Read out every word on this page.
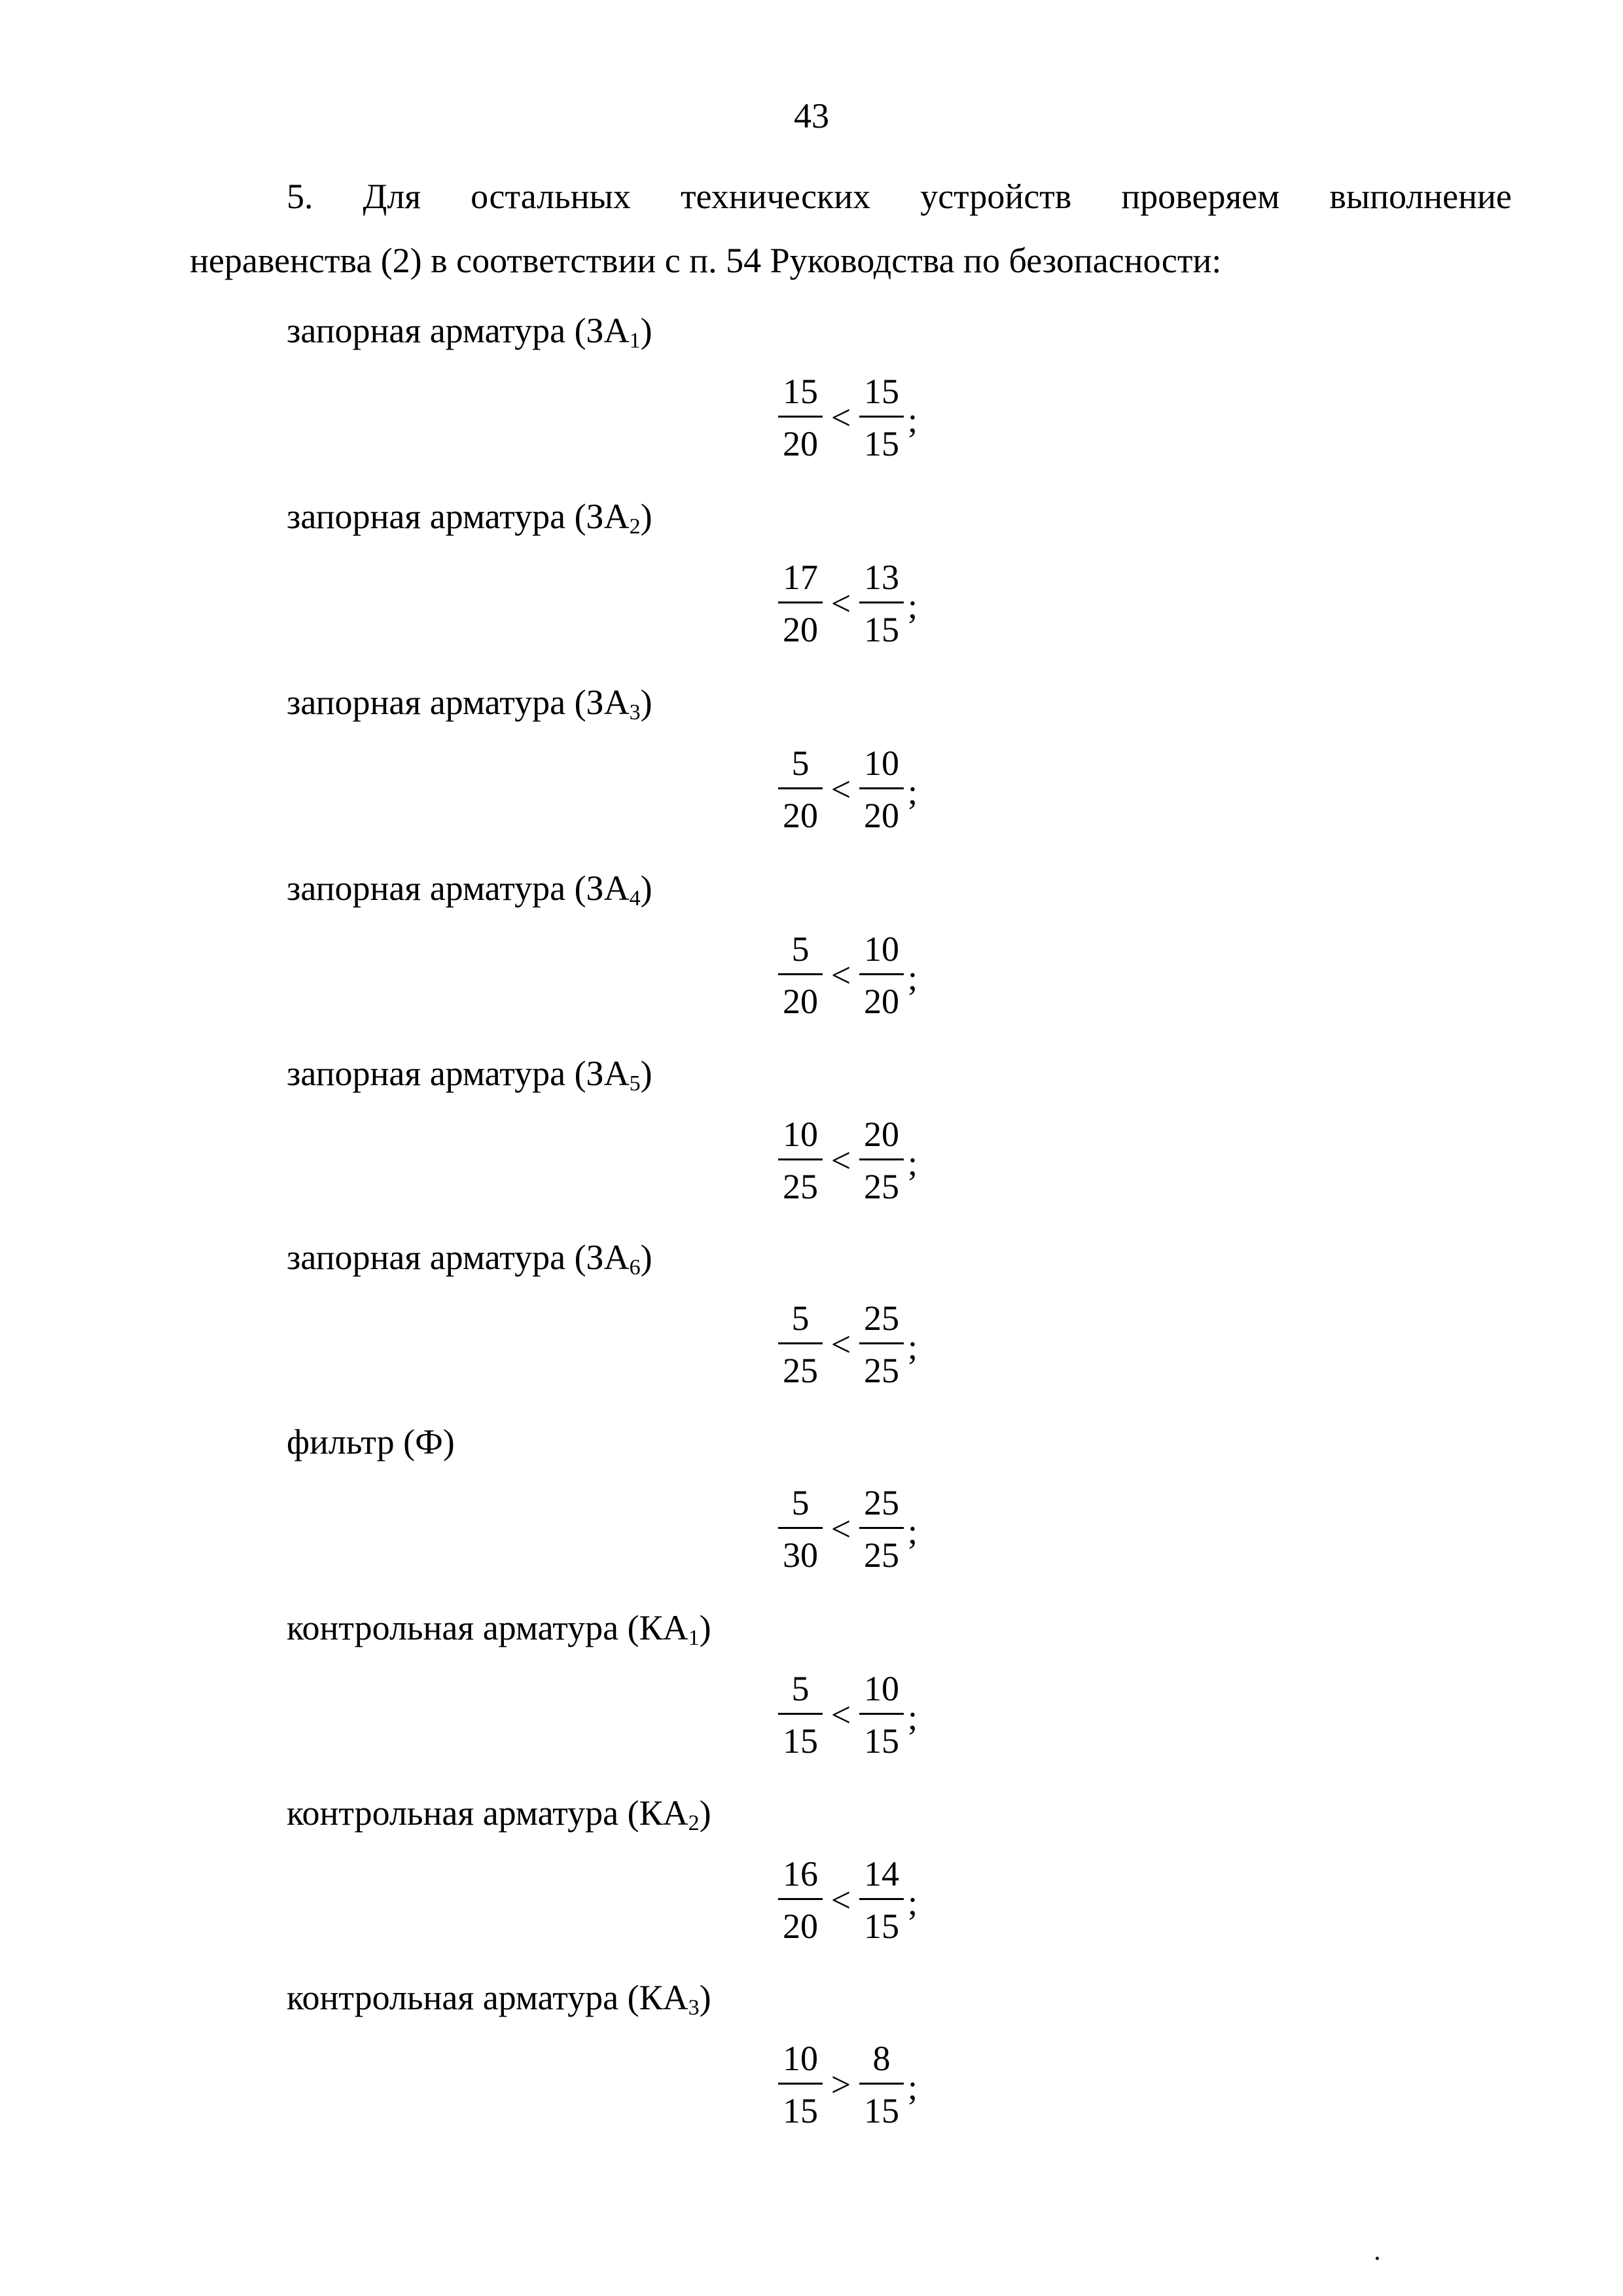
43
5. Для остальных технических устройств проверяем выполнение
неравенства (2) в соответствии с п. 54 Руководства по безопасности:
запорная арматура $(ЗА_1)$
15
20
<
15
15
;
запорная арматура $(ЗА_2)$
17
20
<
13
15
;
запорная арматура $(ЗА_3)$
5
20
<
10
20
;
запорная арматура $(ЗА_4)$
5
20
<
10
20
;
запорная арматура $(ЗА_5)$
10
25
<
20
25
;
запорная арматура $(ЗА_6)$
5
25
<
25
25
;
фильтр (Ф)
5
30
<
25
25
;
контрольная арматура $(КА_1)$
5
15
<
10
15
;
контрольная арматура $(КА_2)$
16
20
<
14
15
;
контрольная арматура $(КА_3)$
10
15
>
8
15
;
